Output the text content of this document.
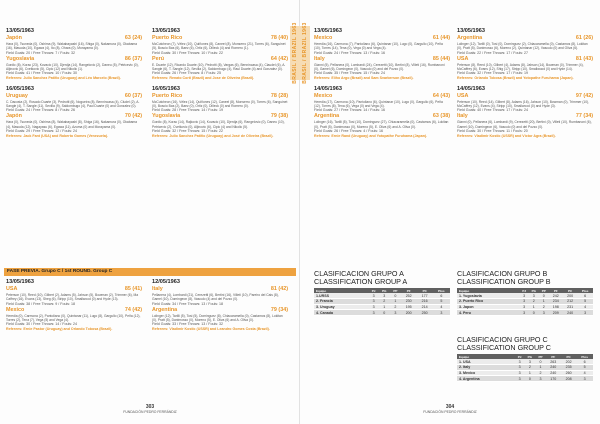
13/05/1963
Japón	63 (24)
Hara (0), Tsuneda (0), Oshima (9), Wakabayashi (16), Shiga (0), Nakamura (0), Okabama (16), Masuda (10), Egawa (4), Ito (8), Ohara (0), Morayama (0).
Field Goals: 20 / Free Throws: 7 / Fouls: 32
Yugoslavia	86 (37)
Gordic (8), Korac (23), Kovacic (10), Djerdja (14), Rangelovic (2), Daneu (5), Petricevic (0), Aljinovic (6), Cvetkovic (5), Cipic (12) and Nikolic (1).
Field Goals: 41 / Free Throws: 10 / Fouls: 30
Referees: Julio Sanchez Patiño (Uruguay) and Léo Marcelo (Brazil).
16/05/1963
Uruguay	60 (37)
C. Dacosta (2), Rosado Duarte (3), Pedrotti (6), Nogueira (8), Bennincasa (4), Cludel (2), A. Sangle (4), T. Sangle (11), Sevilla (9), Saldombugo (4), Paul Duarte (0) and Gonzalez (0).
Field Goals: 24 / Free Throws: 8 / Fouls: 26
Japón	70 (42)
Hara (0), Tsuneda (0), Oshima (8), Wakabayashi (8), Shiga (16), Nakamura (0), Okabama (4), Masuda (12), Nagayasu (6), Egawa (11), Azuma (0) and Morayama (0).
Field Goals: 29 / Free Throws: 12 / Fouls: 24
Referees: Jack Fant (USA) and Roberto Gomes (Venezuela).
13/05/1963
Puerto Rico	78 (40)
McCutcheon (7), Vélez (10), Quiñones (8), Caneel (8), Monserro (21), Torres (6), Sanguinet (5), Boscio Bas (6), Baez (6), Ortiz (6), Dilleck (4) and Romero (1).
Field Goals: 30 / Free Throws: 10 / Fouls: 22
Perú	64 (42)
E. Duarte (12), Ricardo Duarte (10), Pedrotti (8), Vargas (6), Bennincasa (4), Claudel (6), A. Sangle (6), T. Sangle (12), Sevilla (2), Saldombugo (4), Raul Duarte (4) and Gonzalez (0).
Field Goals: 26 / Free Throws: 8 / Fouls: 25
Referees: Renato Corti (Brazil) and Jose de Oliveira (Brazil).
16/05/1963
Puerto Rico	78 (28)
McCutcheon (16), Vélez (14), Quiñones (12), Caneel (8), Monserro (0), Torres (6), Sanguinet (0), Boscio Bas (2), Baez (0), Ortiz (0), Dilleck (0) and Romero (0).
Field Goals: 28 / Free Throws: 14 / Fouls: 19
Yugoslavia	79 (38)
Gordic (8), Korac (14), Rajkovic (14), Kovacic (10), Djerdja (6), Rangelovic (0), Daneu (10), Petricevic (2), Cvetkovic (0), Aljinovic (6), Cipic (4) and Nikolic (5).
Field Goals: 32 / Free Throws: 15 / Fouls: 22
Referees: Julio Sanchez Patiño (Uruguay) and José de Oliveira (Brazil).
FASE PREVIA. Grupo C / 1st ROUND. Group C
13/05/1963
USA	85 (41)
Peterson (10), Reed (10), Gilbert (2), Adams (5), Jahson (5), Bowman (2), Trimmer (6), Ma Caffrey (16), Evans (13), Sheg (6), Stripp (10), Smallwood (0) and Hyde (13).
Field Goals: 38 / Free Throws: 9 / Fouls: 18
Mexico	74 (42)
Heredia (0), Carmona (2), Pantoliano (0), Quintanar (11), Lugo (8), Gargullo (10), Peña (12), Torres (2), Tena (7), Vega (5) and Vega (4).
Field Goals: 30 / Free Throws: 14 / Fouls: 24
Referees: Ernie Pastor (Uruguay) and Orlando Tobosa (Brazil).
12/05/1963
Italy	81 (42)
Pellanera (4), Lombardi (21), Cerezetti (6), Bertini (16), Villeti (10), Pareiro del Cais (8), Gamel (10), Domingeon (8), Vasculo (4) and del Pozzo (0).
Field Goals: 34 / Free Throws: 13 / Fouls: 18
Argentina	79 (34)
Lolinger (12), Tarilli (5), Tosi (5), Dominguez (8), Chiacaramella (0), Castamos (8), Lokitan (0), Pratt (5), Danimosso (0), Moreno (5), E. Oliva (6) and A. Oliva (0).
Field Goals: 33 / Free Throws: 13 / Fouls: 32
Referees: Vladimir Kostic (USSR) and Leandro Gomes Costa (Brazil).
BRASIL / BRAZIL 1963
303
FUNDACIÓN PEDRO FERRÁNDIZ
BRASIL / BRAZIL 1963 13/05/1963
Mexico	61 (44)
Heredia (16), Carmona (7), Pantoliano (6), Quintanar (10), Lugo (0), Gargullo (10), Peña (10), Torres (14), Tena (0), Vega (0) and Vega (4).
Field Goals: 24 / Free Throws: 13 / Fouls: 16
Italy	85 (44)
Gianni (5), Pellanera (0), Lombardi (24), Cerezetti (10), Bertini (8), Villeti (16), Rumbanoni (0), Gamel (6), Domingeon (0), Vasculo (0) and del Pozzo (0).
Field Goals: 35 / Free Throws: 15 / Fouls: 24
Referees: Eliho Argo (Brazil) and Sam Svarberson (Brazil).
14/05/1963
Mexico	64 (43)
Heredia (17), Carmona (10), Pantoliano (6), Quintanar (10), Lugo (0), Gargullo (6), Peña (12), Torres (8), Tena (6), Vega (0) and Vega (4).
Field Goals: 27 / Free Throws: 14 / Fouls: 16
Argentina	63 (38)
Lolinger (16), Tarilli (5), Tosi (10), Dominguez (27), Chiacaramella (0), Castamos (6), Lokitan (0), Pratt (5), Danimosso (0), Moreno (5), E. Oliva (6) and A. Oliva (0).
Field Goals: 26 / Free Throws: 4 / Fouls: 16
Referees: Ernie Rand (Uruguay) and Yotopathe Furuhama (Japan).
13/05/1963
Argentina	61 (26)
Lolinger (12), Tarilli (0), Tosi (0), Dominguez (2), Chiacaramella (0), Castamos (8), Lokitan (0), Pratt (5), Danimosso (6), Moreno (2), Quintanar (12), Vasculo (0) and Oliva (6).
Field Goals: 22 / Free Throws: 17 / Fouls: 27
USA	81 (43)
Peterson (8), Reed (10), Gilbert (4), Adams (8), Jahson (14), Bowman (0), Trimmer (4), McCaffrey (6), Evans (12), Shig (17), Stripp (10), Smallwood (0) and Hyde (14).
Field Goals: 32 / Free Throws: 17 / Fouls: 19
Referees: Orlando Tobosa (Brazil) and Yotopathe Furuhama (Japan).
14/05/1963
USA	97 (42)
Peterson (10), Reed (14), Gilbert (8), Adams (16), Jahson (10), Bowman (0), Trimmer (10), McCaffrey (12), Evans (4), Stripp (10), Smallwood (0) and Hyde (3).
Field Goals: 40 / Free Throws: 17 / Fouls: 24
Italy	77 (34)
Gianni (0), Pellanera (6), Lombardi (9), Cerezetti (20), Bertini (0), Villeti (10), Rumbanoni (6), Gamel (10), Domingeon (6), Vasculo (0) and del Pozzo (0).
Field Goals: 30 / Free Throws: 11 / Fouls: 20
Referees: Vladimir Kostic (USSR) and Víctor Agra (Brazil).
CLASIFICACION GRUPO A
CLASSIFICATION GROUP A
Equipo	PJ	PG	PP	PF	PC	Ptos
1.URSS	3	3	0	252	177	6
2. Francia	3	2	1	230	216	5
3. Uruguay	3	1	2	195	214	4
4. Canada	3	0	3	200	250	3
CLASIFICACION GRUPO B
CLASSIFICATION GROUP B
Equipo	PJ	PG	PP	PF	PC	Ptos
1. Yugoslavia	3	3	0	242	200	6
2. Puerto Rico	3	2	1	234	212	5
3. Japon	3	1	2	198	231	4
4. Peru	3	0	3	209	240	3
CLASIFICACION GRUPO C
CLASSIFICATION GROUP C
Equipo	PJ	PG	PP	PF	PC	Ptos
1. USA	3	3	0	263	202	6
2. Italy	3	2	1	240	235	5
3. Mexico	3	1	2	240	260	4
4. Argentina	3	0	3	170	208	3
304
FUNDACIÓN PEDRO FERRÁNDIZ
